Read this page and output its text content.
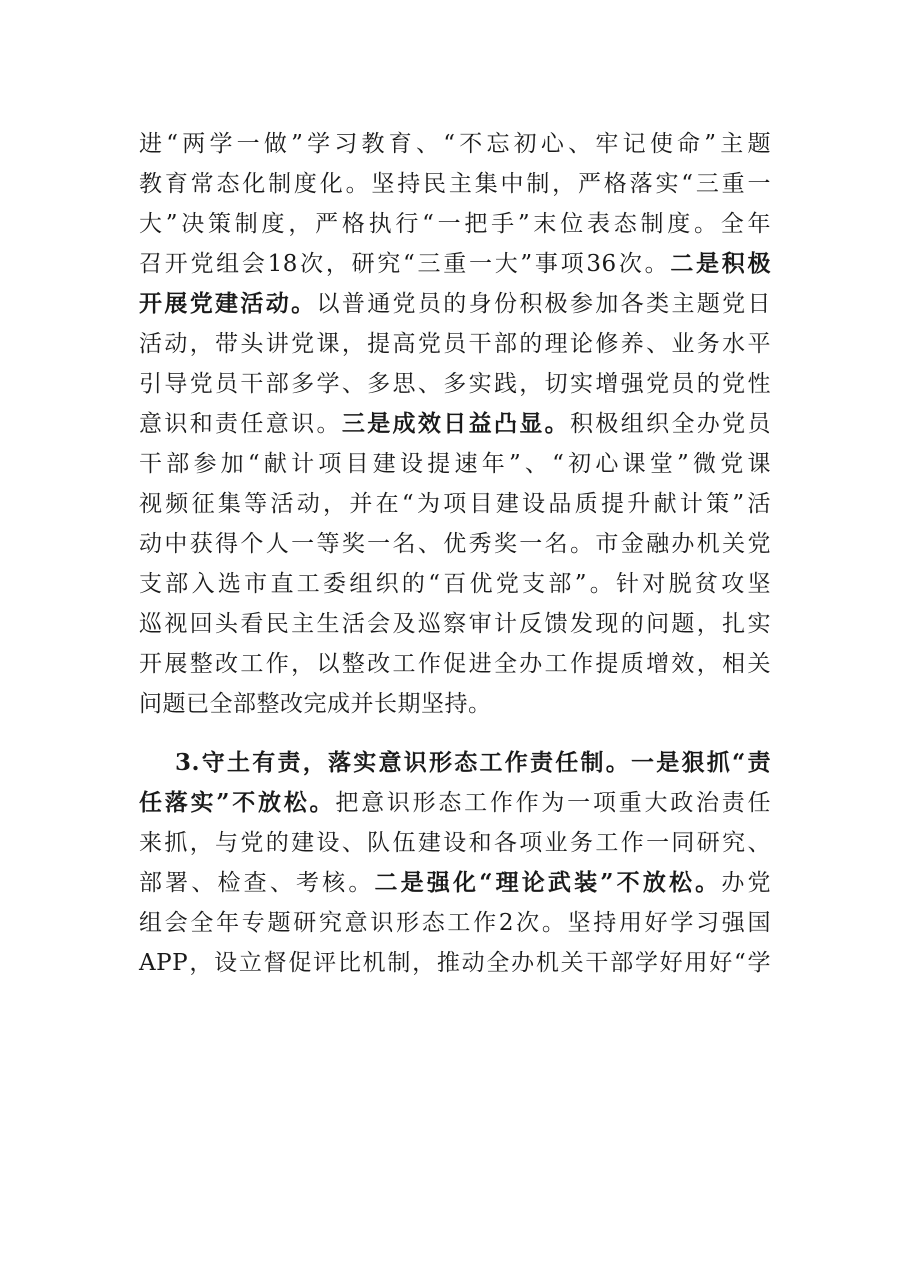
进“两学一做”学习教育、“不忘初心、牢记使命”主题
教育常态化制度化。坚持民主集中制，严格落实“三重一
大”决策制度，严格执行“一把手”末位表态制度。全年
召开党组会18次，研究“三重一大”事项36次。二是积极
开展党建活动。以普通党员的身份积极参加各类主题党日
活动，带头讲党课，提高党员干部的理论修养、业务水平
引导党员干部多学、多思、多实践，切实增强党员的党性
意识和责任意识。三是成效日益凸显。积极组织全办党员
干部参加“献计项目建设提速年”、“初心课堂”微党课
视频征集等活动，并在“为项目建设品质提升献计策”活
动中获得个人一等奖一名、优秀奖一名。市金融办机关党
支部入选市直工委组织的“百优党支部”。针对脱贫攻坚
巡视回头看民主生活会及巡察审计反馈发现的问题，扎实
开展整改工作，以整改工作促进全办工作提质增效，相关
问题已全部整改完成并长期坚持。
3.守土有责，落实意识形态工作责任制。一是狠抓“责
任落实”不放松。把意识形态工作作为一项重大政治责任
来抓，与党的建设、队伍建设和各项业务工作一同研究、
部署、检查、考核。二是强化“理论武装”不放松。办党
组会全年专题研究意识形态工作2次。坚持用好学习强国
APP，设立督促评比机制，推动全办机关干部学好用好“学
